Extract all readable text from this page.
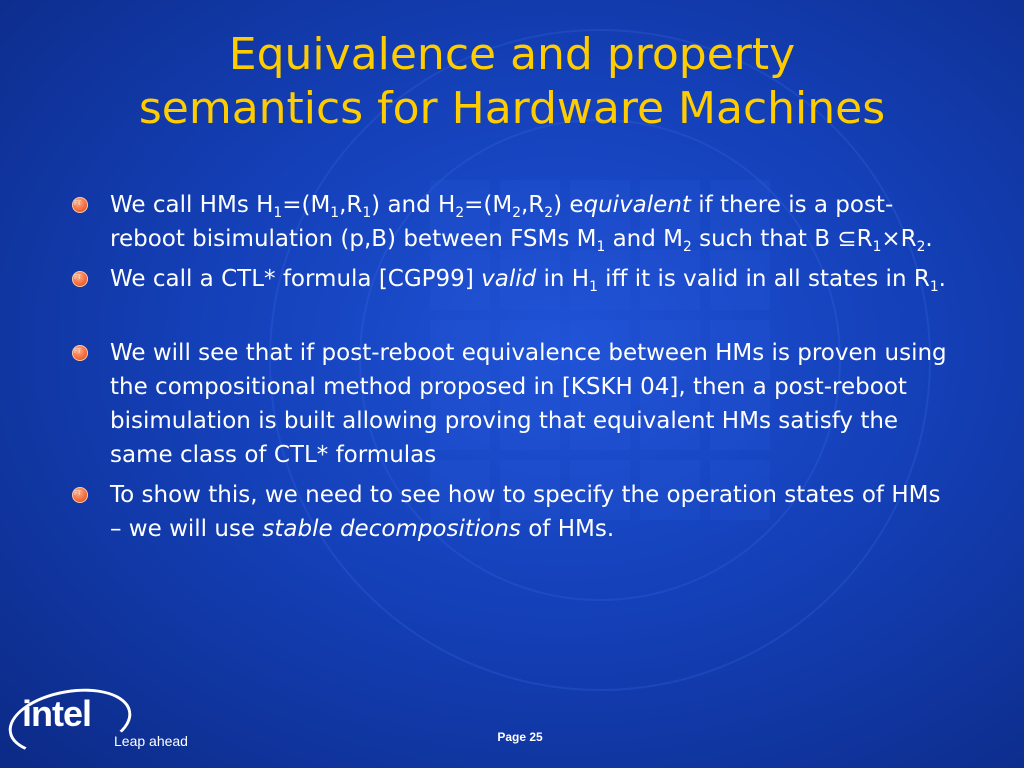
Equivalence and property
semantics for Hardware Machines
FT
We call HMs $H_1=(M_1,R_1)$ and $H_2=(M_2,R_2)$ equivalent if there is a post-reboot bisimulation (p,B) between FSMs $M_1$ and $M_2$ such that B $⊆R_1\times R_2$.
FT
We call a CTL* formula [CGP99] valid in $H_1$ iff it is valid in all states in $R_1$.
FT
We will see that if post-reboot equivalence between HMs is proven using the compositional method proposed in [KSKH 04], then a post-reboot bisimulation is built allowing proving that equivalent HMs satisfy the same class of CTL* formulas
FT
To show this, we need to see how to specify the operation states of HMs – we will use stable decompositions of HMs.
intel
Leap ahead	Page 25
